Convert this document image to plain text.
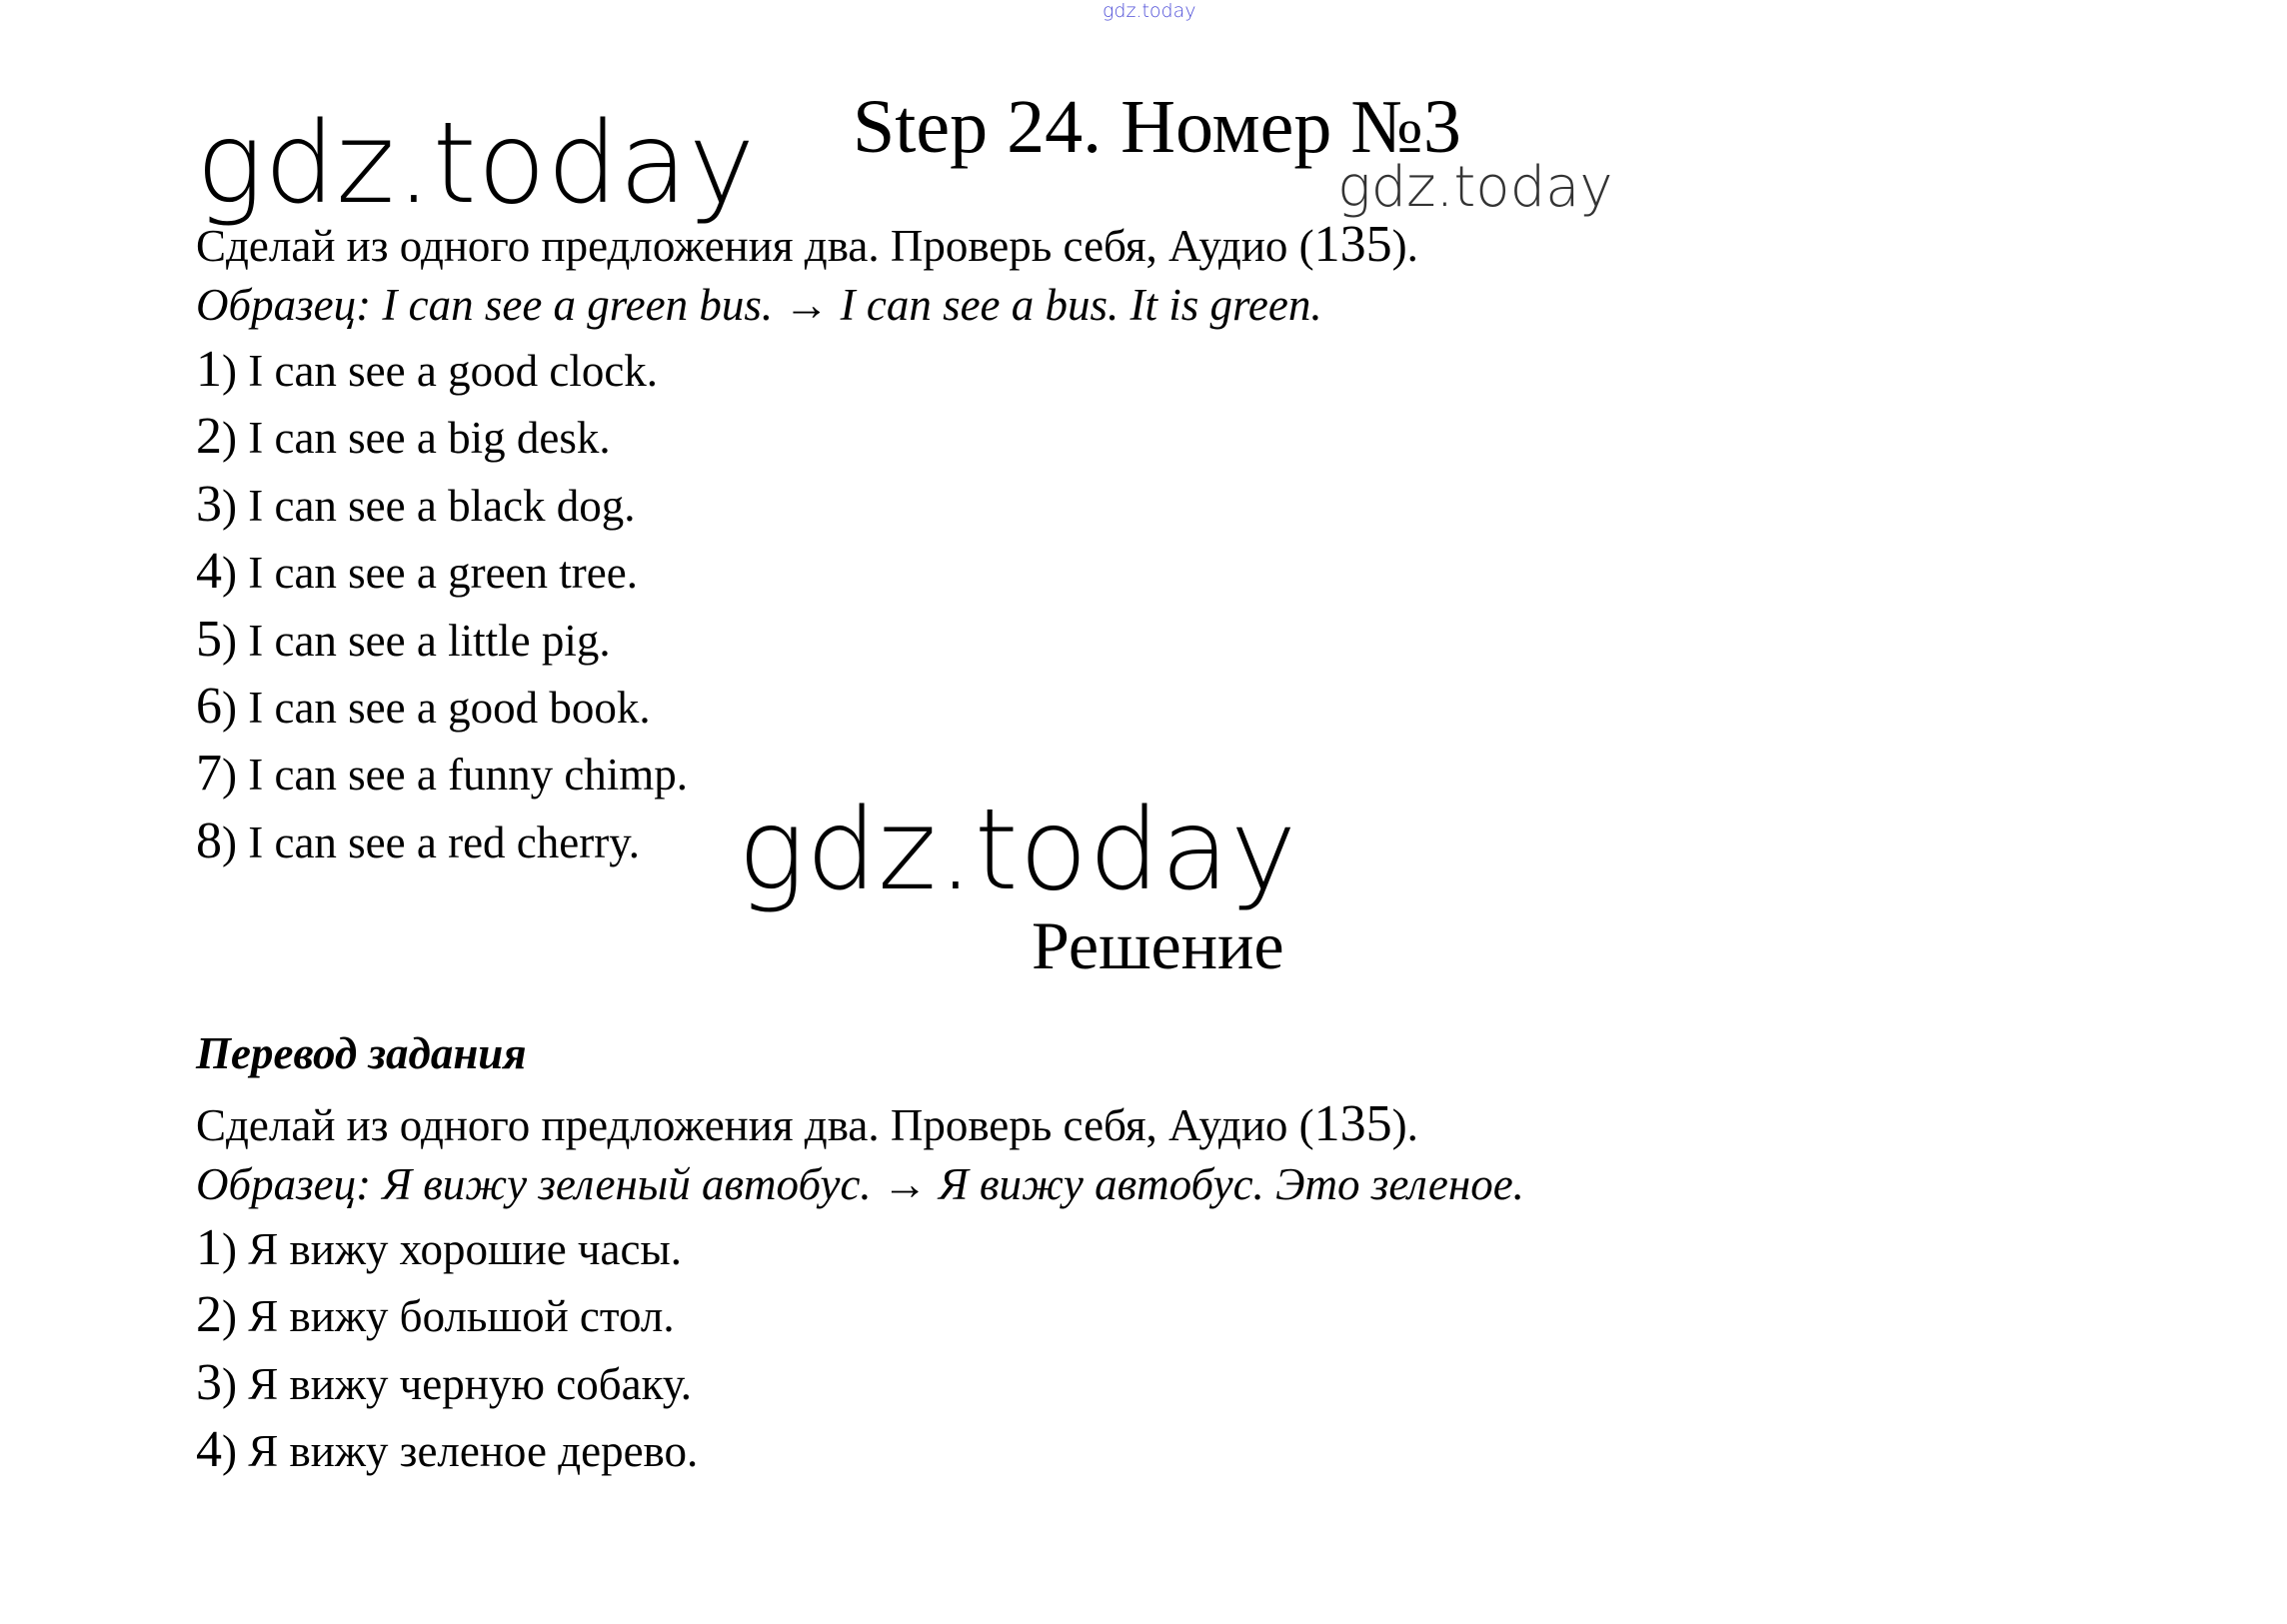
gdz.today
gdz.today Step 24. Номер №3
gdz.today
Сделай из одного предложения два. Проверь себя, Аудио (135).
Образец: I can see a green bus. → I can see a bus. It is green.
1) I can see a good clock.
2) I can see a big desk.
3) I can see a black dog.
4) I can see a green tree.
5) I can see a little pig.
6) I can see a good book.
7) I can see a funny chimp.
8) I can see a red cherry. gdz.today
Решение
Перевод задания
Сделай из одного предложения два. Проверь себя, Аудио (135).
Образец: Я вижу зеленый автобус. → Я вижу автобус. Это зеленое.
1) Я вижу хорошие часы.
2) Я вижу большой стол.
3) Я вижу черную собаку.
4) Я вижу зеленое дерево.
